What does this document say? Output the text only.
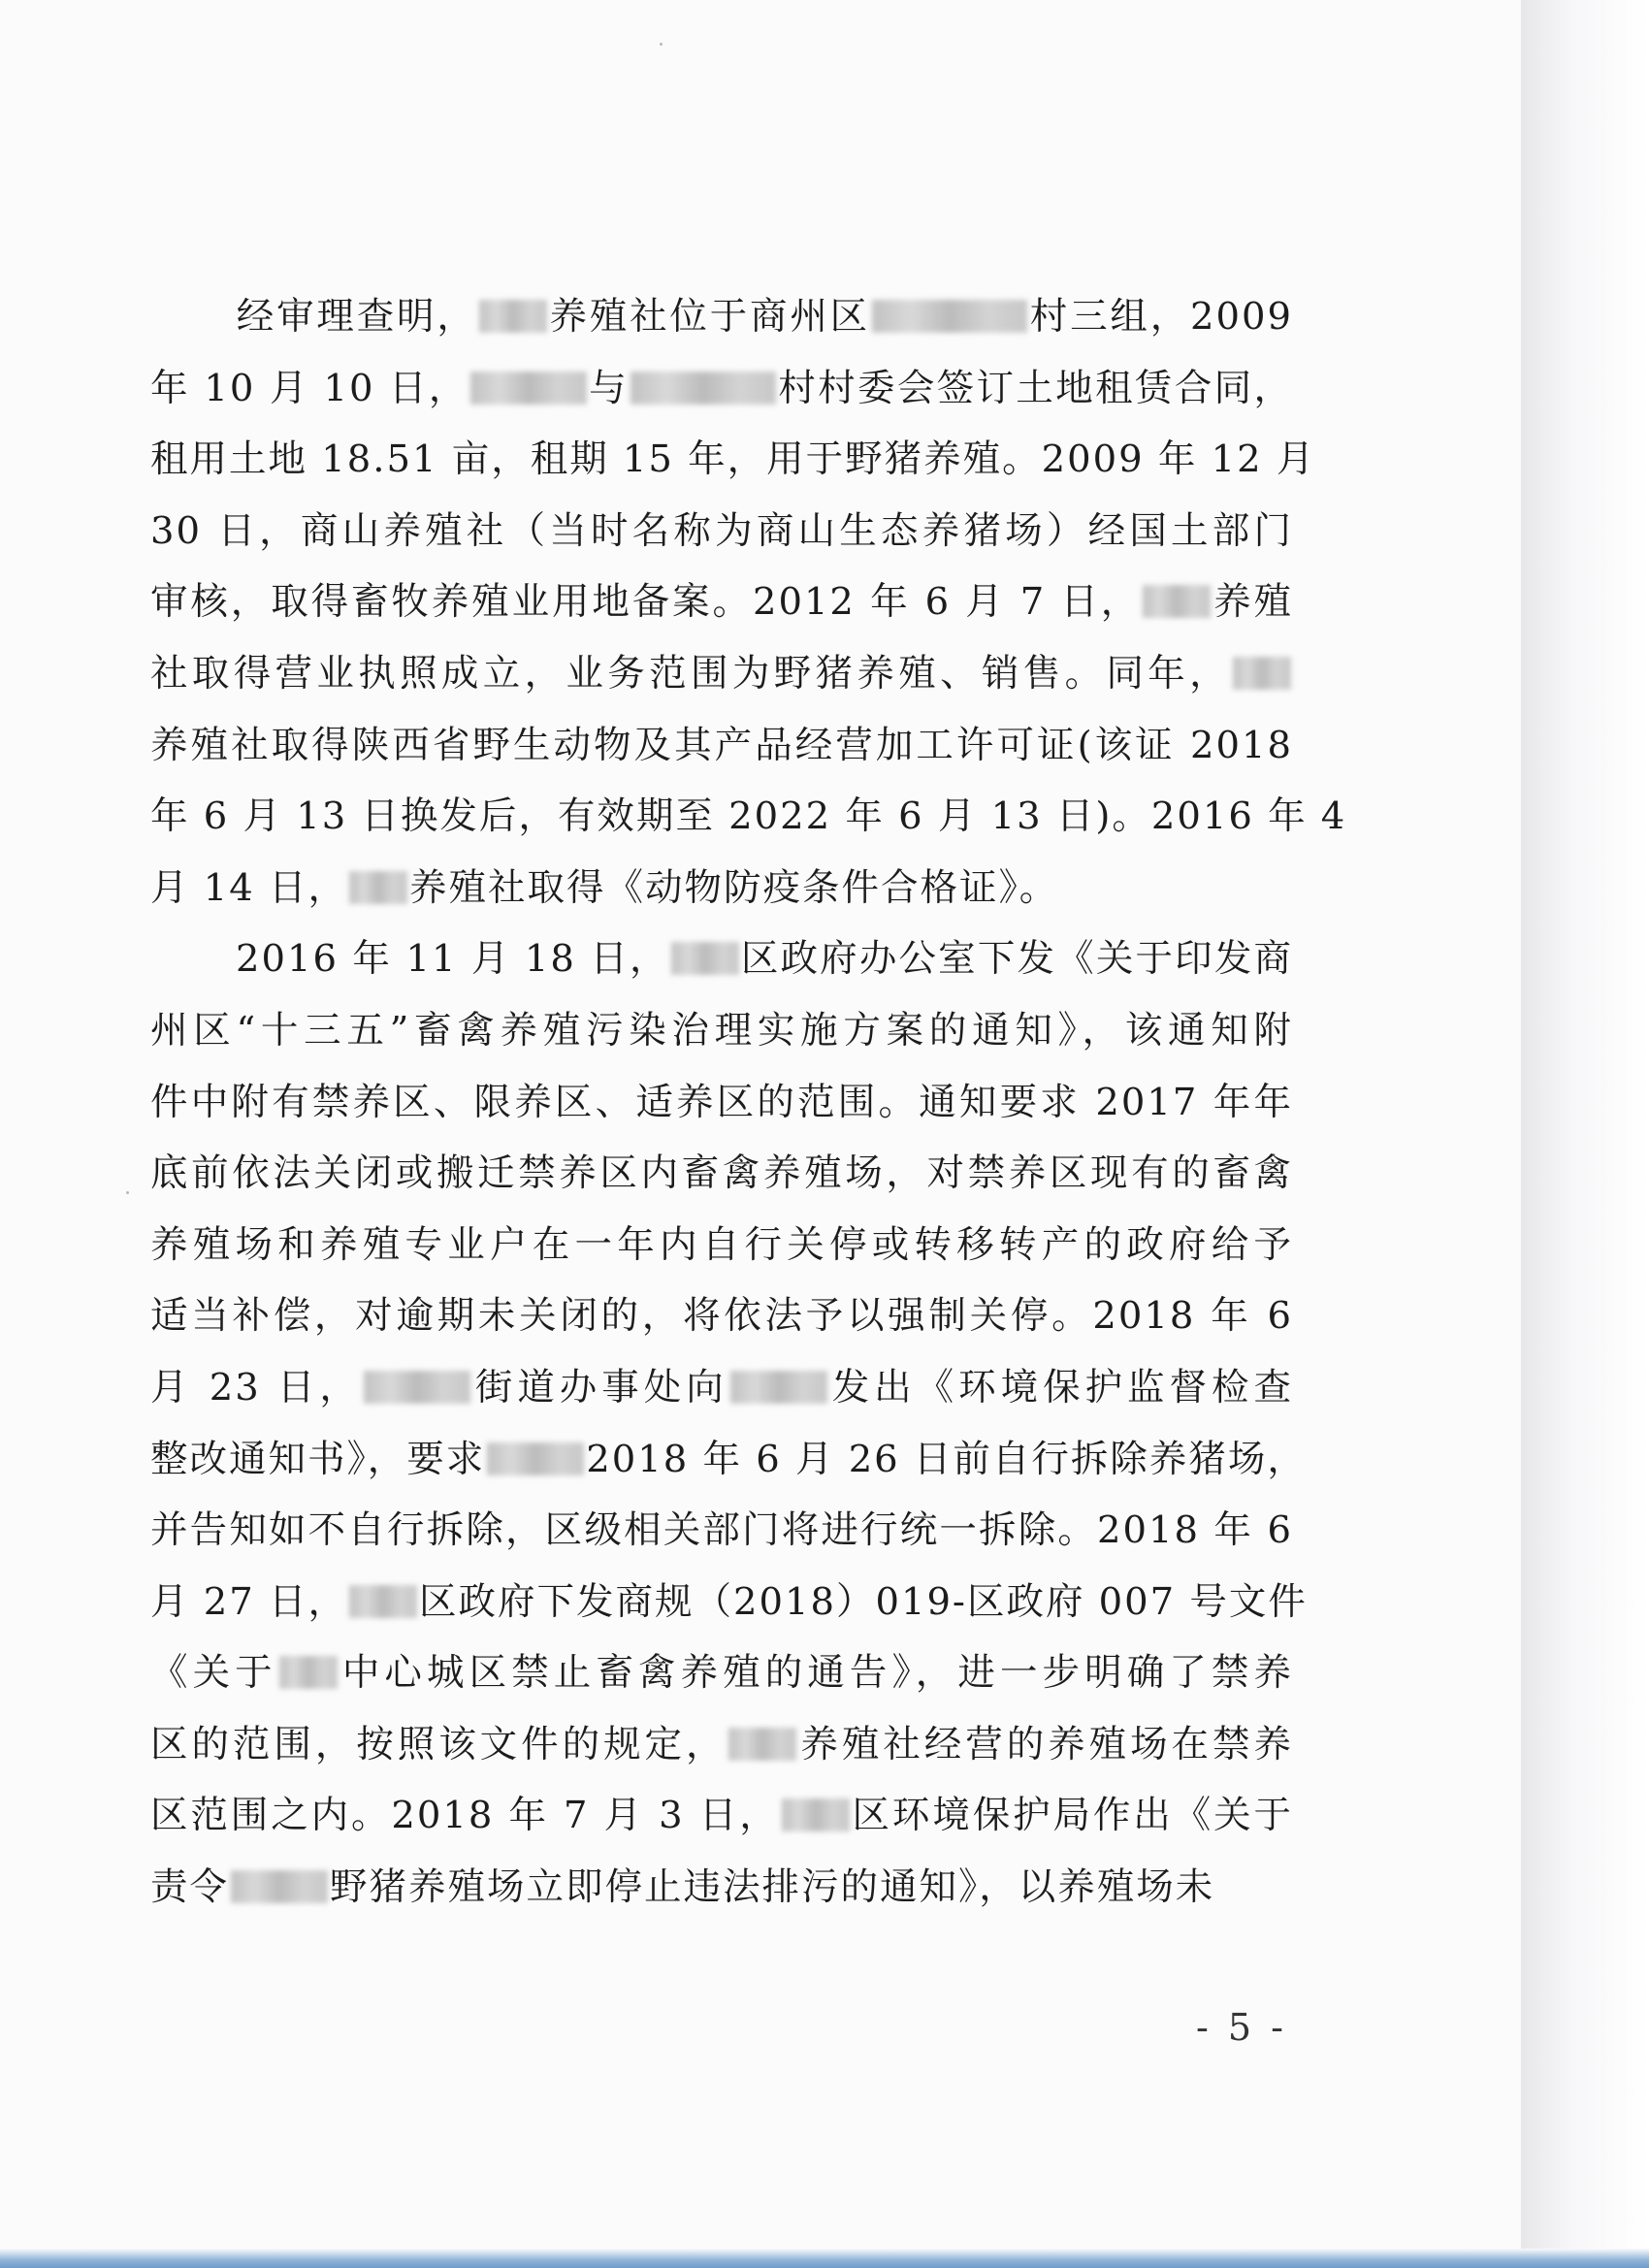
经审理查明， 养殖社位于商州区	村三组，2009
年 10 月 10 日，	与	村村委会签订土地租赁合同，
租用土地 18.51 亩，租期 15 年，用于野猪养殖。2009 年 12 月
30 日，商山养殖社（当时名称为商山生态养猪场）经国土部门
审核，取得畜牧养殖业用地备案。2012 年 6 月 7 日， 养殖
社取得营业执照成立，业务范围为野猪养殖、销售。同年，
养殖社取得陕西省野生动物及其产品经营加工许可证(该证 2018
年 6 月 13 日换发后，有效期至 2022 年 6 月 13 日)。2016 年 4
月 14 日， 养殖社取得《动物防疫条件合格证》。
2016 年 11 月 18 日， 区政府办公室下发《关于印发商
州区“十三五”畜禽养殖污染治理实施方案的通知》，该通知附
件中附有禁养区、限养区、适养区的范围。通知要求 2017 年年
底前依法关闭或搬迁禁养区内畜禽养殖场，对禁养区现有的畜禽
养殖场和养殖专业户在一年内自行关停或转移转产的政府给予
适当补偿，对逾期未关闭的，将依法予以强制关停。2018 年 6
月 23 日，	街道办事处向	发出《环境保护监督检查
整改通知书》，要求	2018 年 6 月 26 日前自行拆除养猪场，
并告知如不自行拆除，区级相关部门将进行统一拆除。2018 年 6
月 27 日， 区政府下发商规（2018）019-区政府 007 号文件
《关于 中心城区禁止畜禽养殖的通告》，进一步明确了禁养
区的范围，按照该文件的规定， 养殖社经营的养殖场在禁养
区范围之内。2018 年 7 月 3 日， 区环境保护局作出《关于
责令	野猪养殖场立即停止违法排污的通知》，以养殖场未
- 5 -
